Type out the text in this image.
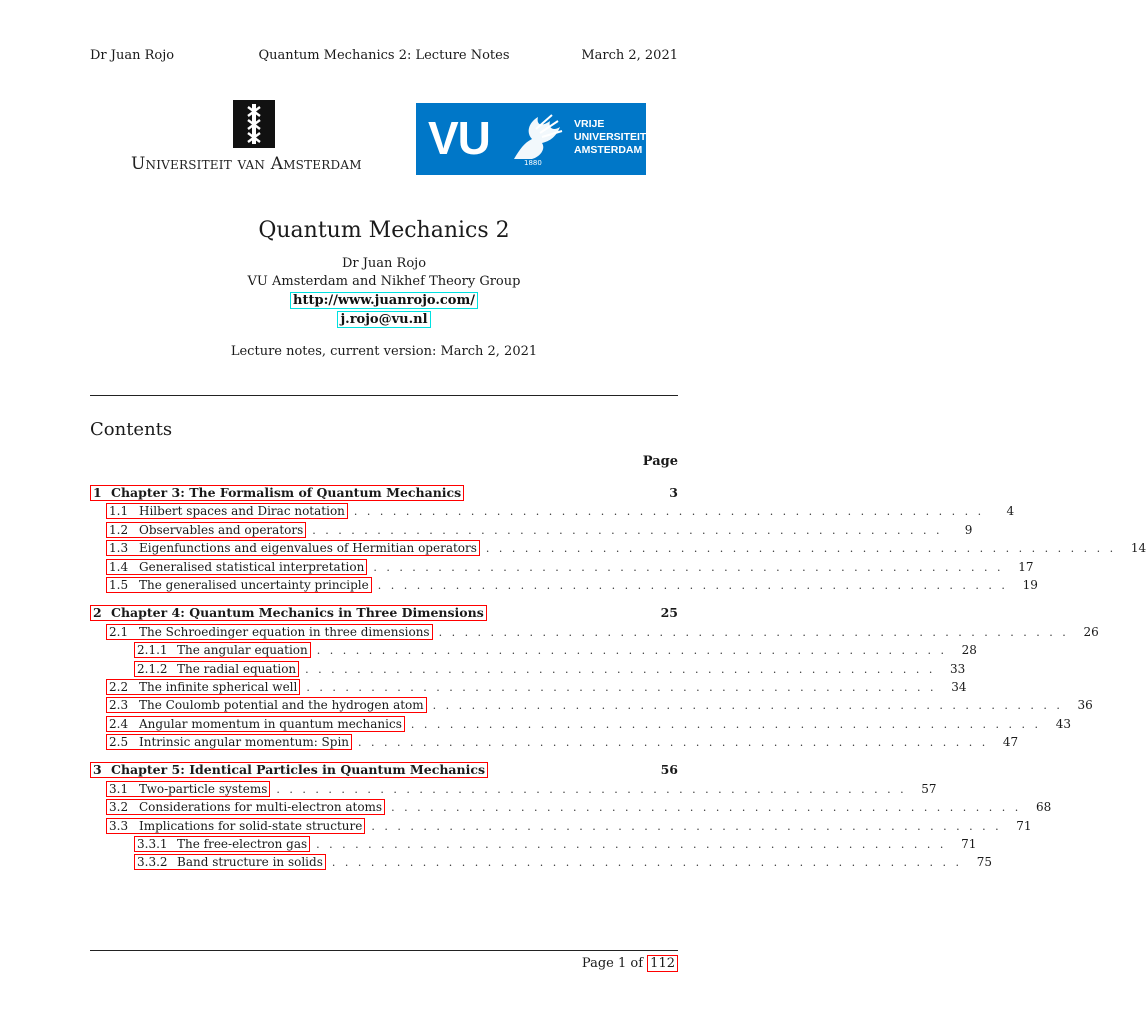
Dr Juan Rojo	Quantum Mechanics 2: Lecture Notes	March 2, 2021
Universiteit van Amsterdam	VU	1880
VRIJE
UNIVERSITEIT
AMSTERDAM
Quantum Mechanics 2
Dr Juan Rojo
VU Amsterdam and Nikhef Theory Group
http://www.juanrojo.com/
j.rojo@vu.nl
Lecture notes, current version: March 2, 2021
Contents
Page
1 Chapter 3: The Formalism of Quantum Mechanics	3
1.1 Hilbert spaces and Dirac notation . . . . . . . . . . . . . . . . . . . . . . . . . . . . . . . . . . . . . . . . . . . . . . . . .	4
1.2 Observables and operators . . . . . . . . . . . . . . . . . . . . . . . . . . . . . . . . . . . . . . . . . . . . . . . . .	9
1.3 Eigenfunctions and eigenvalues of Hermitian operators . . . . . . . . . . . . . . . . . . . . . . . . . . . . . . . . . . . . . . . . . . . . . . . . .	14
1.4 Generalised statistical interpretation . . . . . . . . . . . . . . . . . . . . . . . . . . . . . . . . . . . . . . . . . . . . . . . . .	17
1.5 The generalised uncertainty principle . . . . . . . . . . . . . . . . . . . . . . . . . . . . . . . . . . . . . . . . . . . . . . . . .	19
2 Chapter 4: Quantum Mechanics in Three Dimensions	25
2.1 The Schroedinger equation in three dimensions . . . . . . . . . . . . . . . . . . . . . . . . . . . . . . . . . . . . . . . . . . . . . . . . .	26
2.1.1 The angular equation . . . . . . . . . . . . . . . . . . . . . . . . . . . . . . . . . . . . . . . . . . . . . . . . .	28
2.1.2 The radial equation . . . . . . . . . . . . . . . . . . . . . . . . . . . . . . . . . . . . . . . . . . . . . . . . .	33
2.2 The infinite spherical well . . . . . . . . . . . . . . . . . . . . . . . . . . . . . . . . . . . . . . . . . . . . . . . . .	34
2.3 The Coulomb potential and the hydrogen atom . . . . . . . . . . . . . . . . . . . . . . . . . . . . . . . . . . . . . . . . . . . . . . . . .	36
2.4 Angular momentum in quantum mechanics . . . . . . . . . . . . . . . . . . . . . . . . . . . . . . . . . . . . . . . . . . . . . . . . .	43
2.5 Intrinsic angular momentum: Spin . . . . . . . . . . . . . . . . . . . . . . . . . . . . . . . . . . . . . . . . . . . . . . . . .	47
3 Chapter 5: Identical Particles in Quantum Mechanics	56
3.1 Two-particle systems . . . . . . . . . . . . . . . . . . . . . . . . . . . . . . . . . . . . . . . . . . . . . . . . .	57
3.2 Considerations for multi-electron atoms . . . . . . . . . . . . . . . . . . . . . . . . . . . . . . . . . . . . . . . . . . . . . . . . .	68
3.3 Implications for solid-state structure . . . . . . . . . . . . . . . . . . . . . . . . . . . . . . . . . . . . . . . . . . . . . . . . .	71
3.3.1 The free-electron gas . . . . . . . . . . . . . . . . . . . . . . . . . . . . . . . . . . . . . . . . . . . . . . . . .	71
3.3.2 Band structure in solids . . . . . . . . . . . . . . . . . . . . . . . . . . . . . . . . . . . . . . . . . . . . . . . . .	75
Page 1 of 112
